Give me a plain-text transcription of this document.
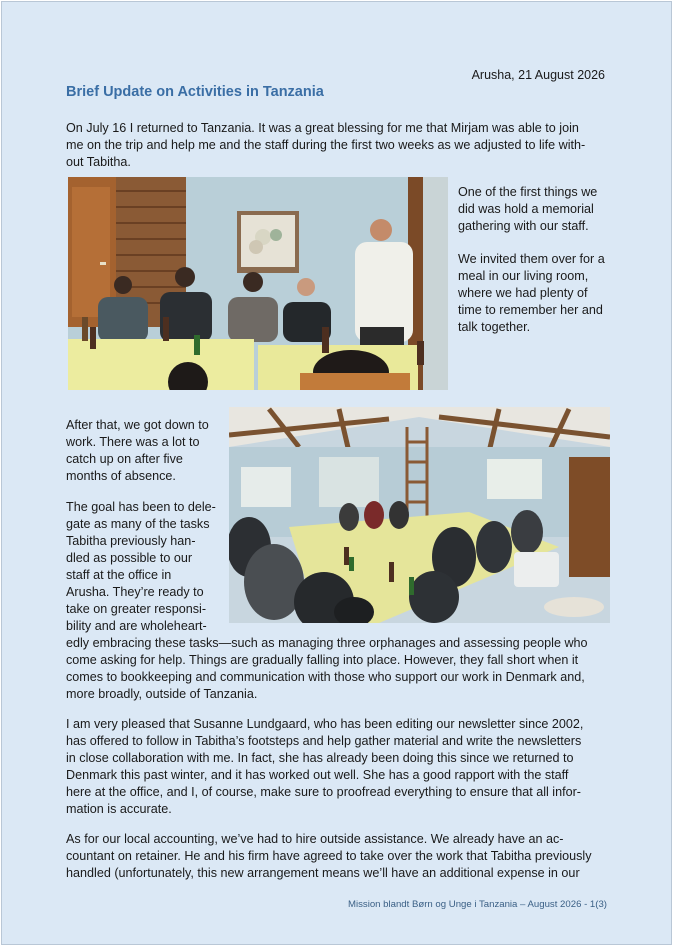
Arusha, 21 August 2026
Brief Update on Activities in Tanzania

On July 16 I returned to Tanzania. It was a great blessing for me that Mirjam was able to join
me on the trip and help me and the staff during the first two weeks as we adjusted to life with-
out Tabitha.

One of the first things we
did was hold a memorial
gathering with our staff.

We invited them over for a
meal in our living room,
where we had plenty of
time to remember her and
talk together.

After that, we got down to
work. There was a lot to
catch up on after five
months of absence.

The goal has been to dele-
gate as many of the tasks
Tabitha previously han-
dled as possible to our
staff at the office in
Arusha. They’re ready to
take on greater responsi-
bility and are wholeheart-

edly embracing these tasks—such as managing three orphanages and assessing people who
come asking for help. Things are gradually falling into place. However, they fall short when it
comes to bookkeeping and communication with those who support our work in Denmark and,
more broadly, outside of Tanzania.

I am very pleased that Susanne Lundgaard, who has been editing our newsletter since 2002,
has offered to follow in Tabitha’s footsteps and help gather material and write the newsletters
in close collaboration with me. In fact, she has already been doing this since we returned to
Denmark this past winter, and it has worked out well. She has a good rapport with the staff
here at the office, and I, of course, make sure to proofread everything to ensure that all infor-
mation is accurate.

As for our local accounting, we’ve had to hire outside assistance. We already have an ac-
countant on retainer. He and his firm have agreed to take over the work that Tabitha previously
handled (unfortunately, this new arrangement means we’ll have an additional expense in our

Mission blandt Børn og Unge i Tanzania – August 2026 - 1(3)
